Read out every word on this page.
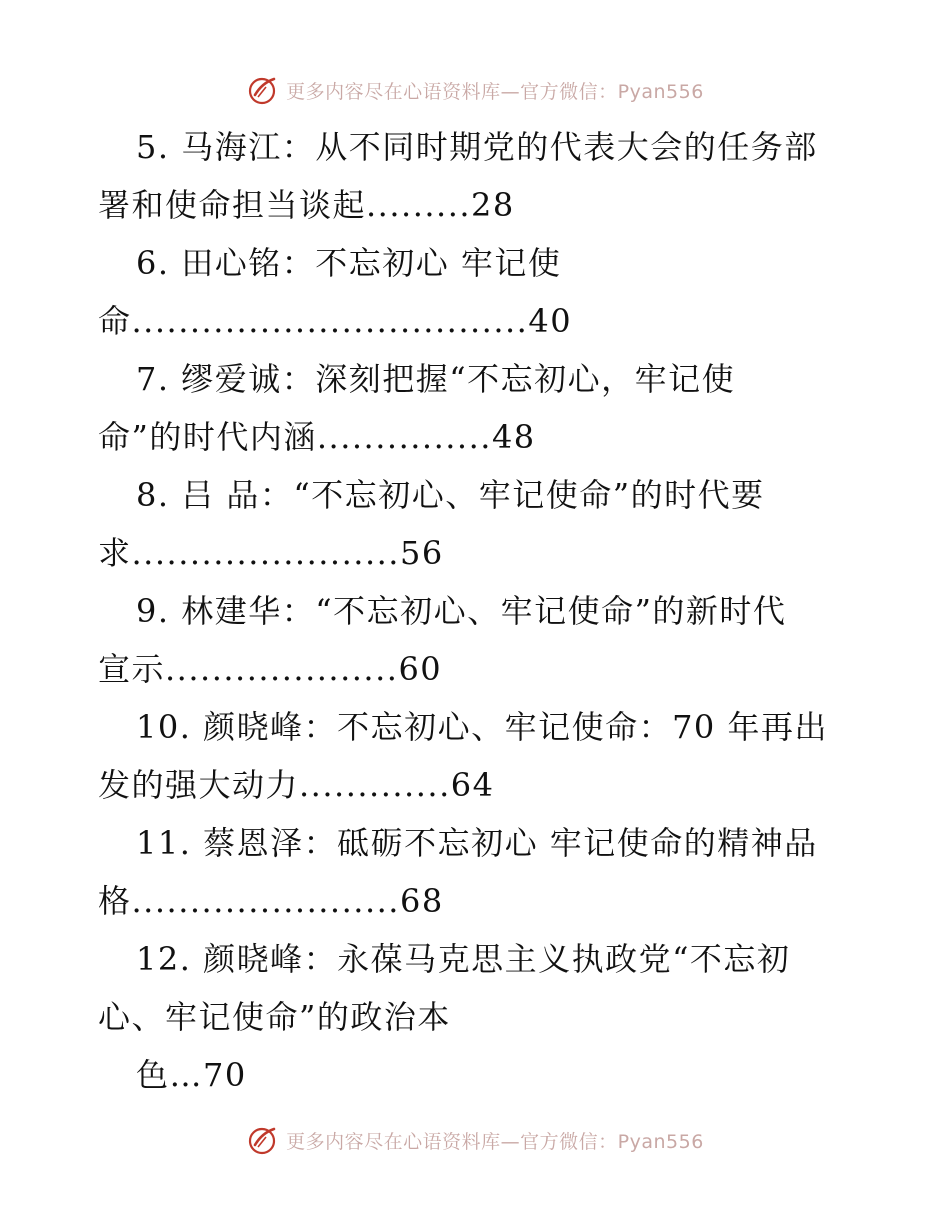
更多内容尽在心语资料库—官方微信：Pyan556
5. 马海江：从不同时期党的代表大会的任务部
署和使命担当谈起.........28
6. 田心铭：不忘初心 牢记使
命..................................40
7. 缪爱诚：深刻把握“不忘初心，牢记使
命”的时代内涵...............48
8. 吕 品：“不忘初心、牢记使命”的时代要
求.......................56
9. 林建华：“不忘初心、牢记使命”的新时代
宣示....................60
10. 颜晓峰：不忘初心、牢记使命：70 年再出
发的强大动力.............64
11. 蔡恩泽：砥砺不忘初心 牢记使命的精神品
格.......................68
12. 颜晓峰：永葆马克思主义执政党“不忘初
心、牢记使命”的政治本
色…70
更多内容尽在心语资料库—官方微信：Pyan556
